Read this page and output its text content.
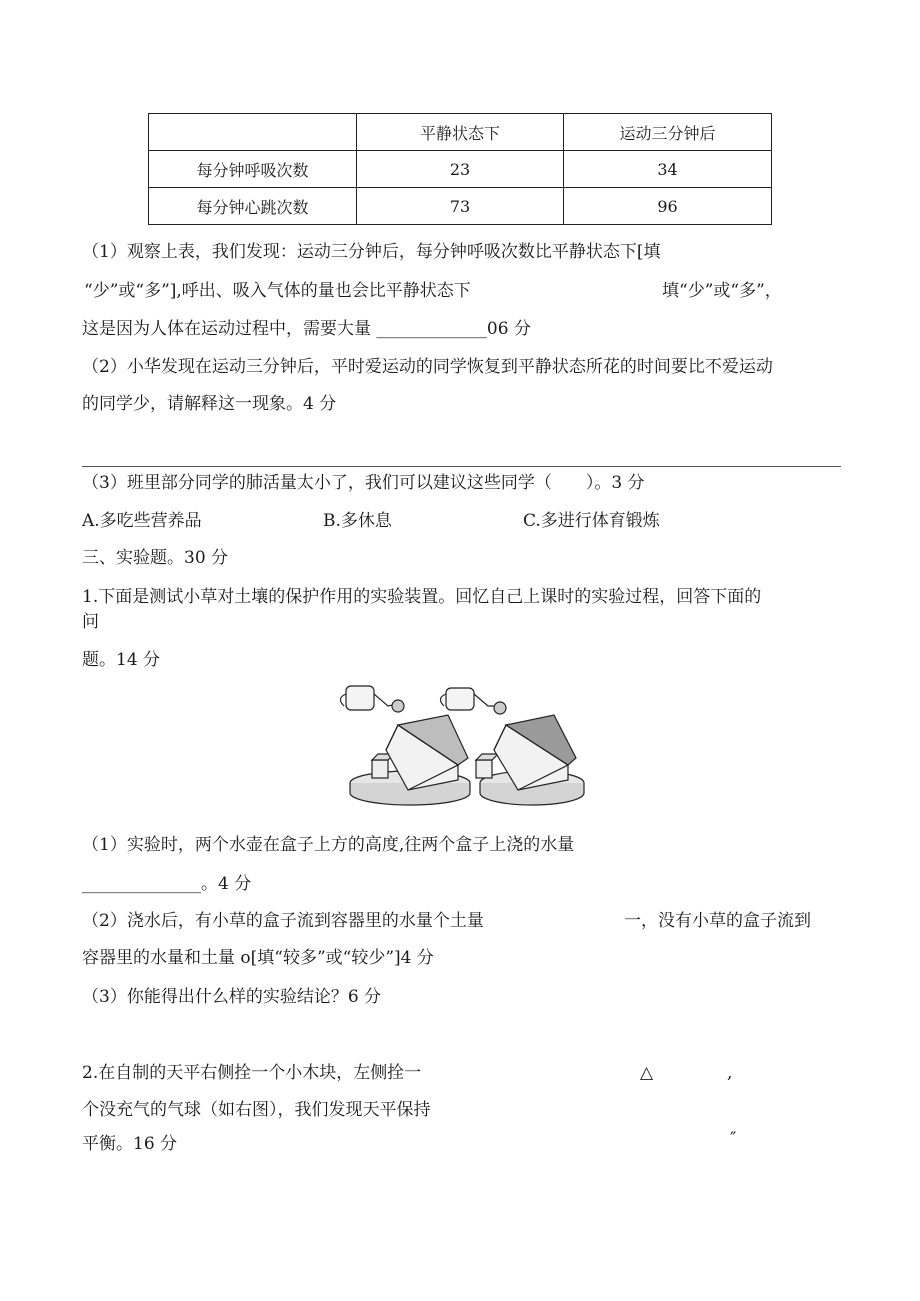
	平静状态下	运动三分钟后
每分钟呼吸次数	23	34
每分钟心跳次数	73	96
（1）观察上表，我们发现：运动三分钟后，每分钟呼吸次数比平静状态下[填
“少”或“多”],呼出、吸入气体的量也会比平静状态下	填“少”或“多”，
这是因为人体在运动过程中，需要大量 _____________06 分
（2）小华发现在运动三分钟后，平时爱运动的同学恢复到平静状态所花的时间要比不爱运动
的同学少，请解释这一现象。4 分
（3）班里部分同学的肺活量太小了，我们可以建议这些同学（　　）。3 分
A.多吃些营养品	B.多休息	C.多进行体育锻炼
三、实验题。30 分
1.下面是测试小草对土壤的保护作用的实验装置。回忆自己上课时的实验过程，回答下面的
问
题。14 分
（1）实验时，两个水壶在盒子上方的高度,往两个盒子上浇的水量
______________。4 分
（2）浇水后，有小草的盒子流到容器里的水量个土量	一，没有小草的盒子流到
容器里的水量和土量 o[填“较多”或“较少”]4 分
（3）你能得出什么样的实验结论？6 分
2.在自制的天平右侧拴一个小木块，左侧拴一
个没充气的气球（如右图），我们发现天平保持
平衡。16 分
△	,
″
